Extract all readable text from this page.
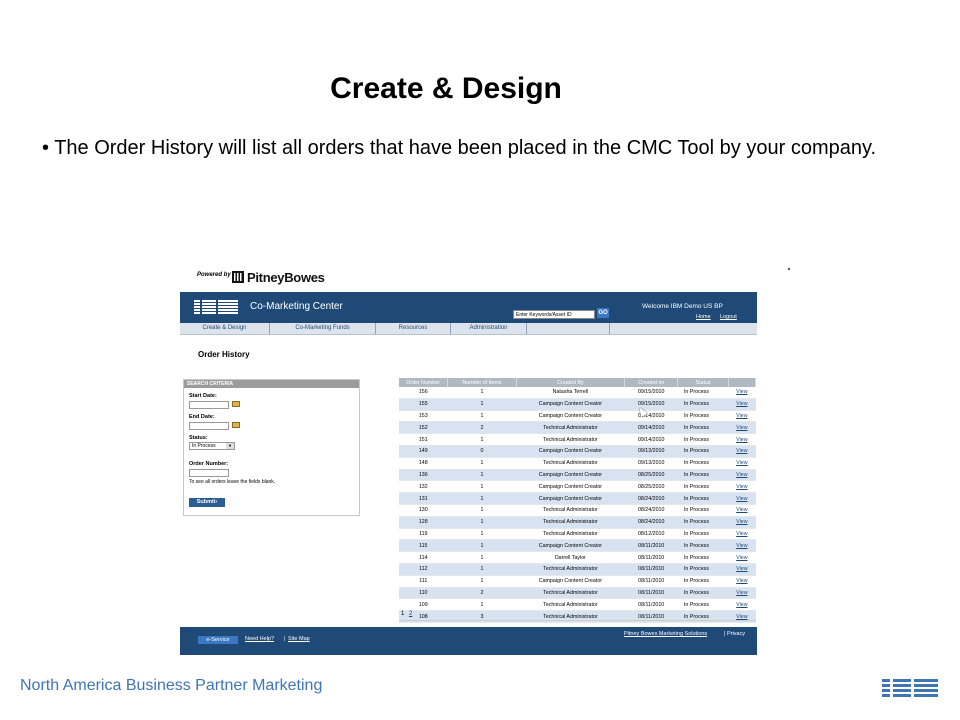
Create & Design
• The Order History will list all orders that have been placed in the CMC Tool by your company.
Powered by PitneyBowes
Co-Marketing Center
Enter Keywords/Asset ID	GO
Welcome IBM Demo US BP
Home Logout
Create & Design	Co-Marketing Funds	Resources	Administration
Order History
SEARCH CRITERIA
Start Date:
End Date:
Status:
In Process	▼
Order Number:
To see all orders leave the fields blank.
Submit›
Order Number	Number of Items	Created By	Created on	Status	
156	1	Natasha Terrell	09/15/2010	In Process	View
155	1	Campaign Content Creator	09/15/2010	In Process	View
153	1	Campaign Content Creator	09/14/2010	In Process	View
152	2	Technical Administrator	09/14/2010	In Process	View
151	1	Technical Administrator	09/14/2010	In Process	View
149	0	Campaign Content Creator	09/13/2010	In Process	View
148	1	Technical Administrator	09/13/2010	In Process	View
136	1	Campaign Content Creator	08/25/2010	In Process	View
132	1	Campaign Content Creator	08/25/2010	In Process	View
131	1	Campaign Content Creator	08/24/2010	In Process	View
130	1	Technical Administrator	08/24/2010	In Process	View
128	1	Technical Administrator	08/24/2010	In Process	View
119	1	Technical Administrator	08/12/2010	In Process	View
115	1	Campaign Content Creator	08/11/2010	In Process	View
114	1	Darrell Taylor	08/11/2010	In Process	View
112	1	Technical Administrator	08/11/2010	In Process	View
111	1	Campaign Content Creator	08/11/2010	In Process	View
110	2	Technical Administrator	08/11/2010	In Process	View
109	1	Technical Administrator	08/11/2010	In Process	View
108	3	Technical Administrator	08/11/2010	In Process	View
1 2
e-Service	Need Help? | Site Map
Pitney Bowes Marketing Solutions	| Privacy
North America Business Partner Marketing
